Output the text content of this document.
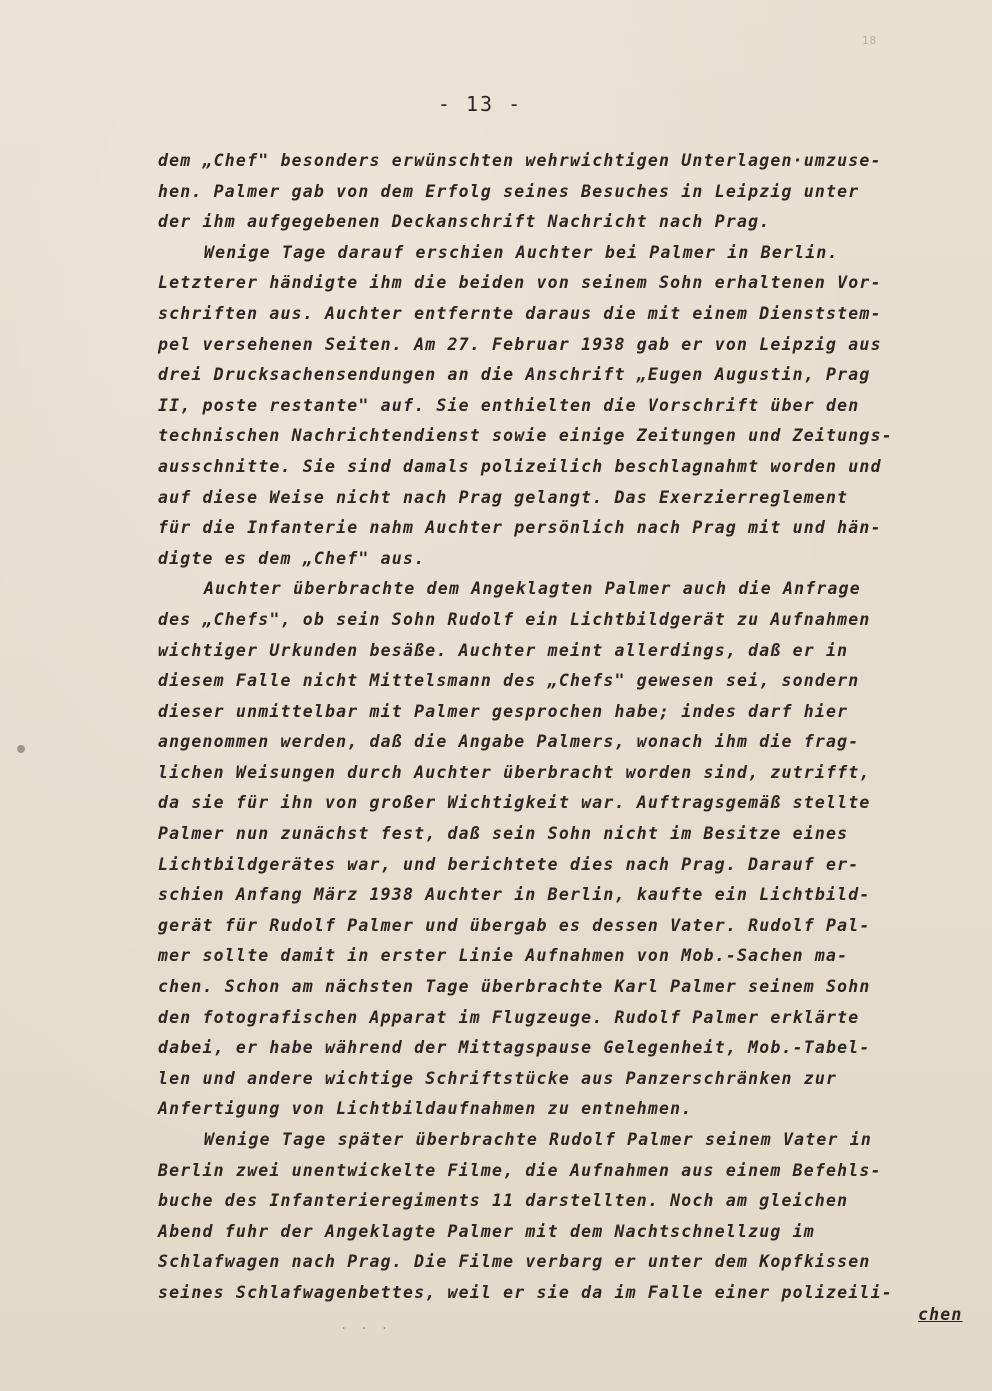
18
- 13 -

dem „Chef" besonders erwünschten wehrwichtigen Unterlagen·umzuse-

hen. Palmer gab von dem Erfolg seines Besuches in Leipzig unter

der ihm aufgegebenen Deckanschrift Nachricht nach Prag.

Wenige Tage darauf erschien Auchter bei Palmer in Berlin.

Letzterer händigte ihm die beiden von seinem Sohn erhaltenen Vor-

schriften aus. Auchter entfernte daraus die mit einem Dienststem-

pel versehenen Seiten. Am 27. Februar 1938 gab er von Leipzig aus

drei Drucksachensendungen an die Anschrift „Eugen Augustin, Prag

II, poste restante" auf. Sie enthielten die Vorschrift über den

technischen Nachrichtendienst sowie einige Zeitungen und Zeitungs-

ausschnitte. Sie sind damals polizeilich beschlagnahmt worden und

auf diese Weise nicht nach Prag gelangt. Das Exerzierreglement

für die Infanterie nahm Auchter persönlich nach Prag mit und hän-

digte es dem „Chef" aus.

Auchter überbrachte dem Angeklagten Palmer auch die Anfrage

des „Chefs", ob sein Sohn Rudolf ein Lichtbildgerät zu Aufnahmen

wichtiger Urkunden besäße. Auchter meint allerdings, daß er in

diesem Falle nicht Mittelsmann des „Chefs" gewesen sei, sondern

dieser unmittelbar mit Palmer gesprochen habe; indes darf hier

angenommen werden, daß die Angabe Palmers, wonach ihm die frag-

lichen Weisungen durch Auchter überbracht worden sind, zutrifft,

da sie für ihn von großer Wichtigkeit war. Auftragsgemäß stellte

Palmer nun zunächst fest, daß sein Sohn nicht im Besitze eines

Lichtbildgerätes war, und berichtete dies nach Prag. Darauf er-

schien Anfang März 1938 Auchter in Berlin, kaufte ein Lichtbild-

gerät für Rudolf Palmer und übergab es dessen Vater. Rudolf Pal-

mer sollte damit in erster Linie Aufnahmen von Mob.-Sachen ma-

chen. Schon am nächsten Tage überbrachte Karl Palmer seinem Sohn

den fotografischen Apparat im Flugzeuge. Rudolf Palmer erklärte

dabei, er habe während der Mittagspause Gelegenheit, Mob.-Tabel-

len und andere wichtige Schriftstücke aus Panzerschränken zur

Anfertigung von Lichtbildaufnahmen zu entnehmen.

Wenige Tage später überbrachte Rudolf Palmer seinem Vater in

Berlin zwei unentwickelte Filme, die Aufnahmen aus einem Befehls-

buche des Infanterieregiments 11 darstellten. Noch am gleichen

Abend fuhr der Angeklagte Palmer mit dem Nachtschnellzug im

Schlafwagen nach Prag. Die Filme verbarg er unter dem Kopfkissen

seines Schlafwagenbettes, weil er sie da im Falle einer polizeili-

. . .
chen
